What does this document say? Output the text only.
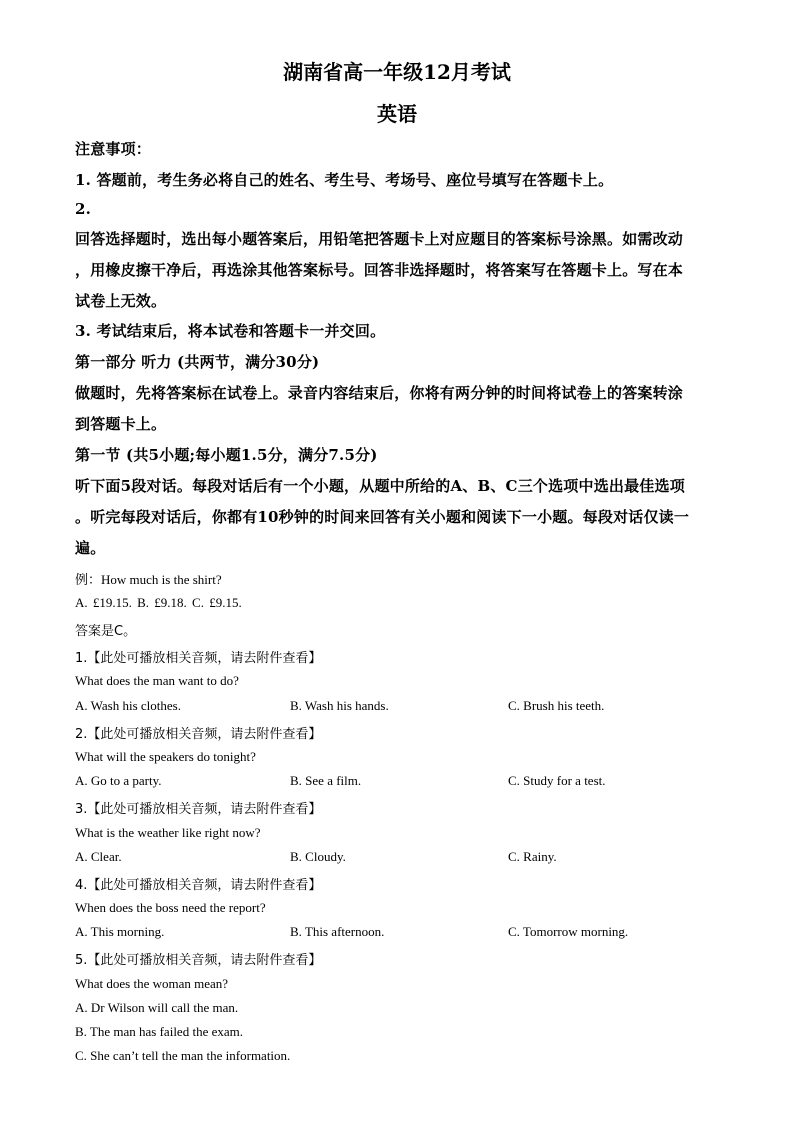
湖南省高一年级12月考试
英语
注意事项：
1. 答题前，考生务必将自己的姓名、考生号、考场号、座位号填写在答题卡上。
2.
回答选择题时，选出每小题答案后，用铅笔把答题卡上对应题目的答案标号涂黑。如需改动
，用橡皮擦干净后，再选涂其他答案标号。回答非选择题时，将答案写在答题卡上。写在本
试卷上无效。
3. 考试结束后，将本试卷和答题卡一并交回。
第一部分 听力 (共两节，满分30分)
做题时，先将答案标在试卷上。录音内容结束后，你将有两分钟的时间将试卷上的答案转涂
到答题卡上。
第一节 (共5小题;每小题1.5分，满分7.5分)
听下面5段对话。每段对话后有一个小题，从题中所给的A、B、C三个选项中选出最佳选项
。听完每段对话后，你都有10秒钟的时间来回答有关小题和阅读下一小题。每段对话仅读一
遍。
例：How much is the shirt?
A. £19.15. B. £9.18. C. £9.15.
答案是C。
1.【此处可播放相关音频，请去附件查看】
What does the man want to do?
A. Wash his clothes.	B. Wash his hands.	C. Brush his teeth.
2.【此处可播放相关音频，请去附件查看】
What will the speakers do tonight?
A. Go to a party.	B. See a film.	C. Study for a test.
3.【此处可播放相关音频，请去附件查看】
What is the weather like right now?
A. Clear.	B. Cloudy.	C. Rainy.
4.【此处可播放相关音频，请去附件查看】
When does the boss need the report?
A. This morning.	B. This afternoon.	C. Tomorrow morning.
5.【此处可播放相关音频，请去附件查看】
What does the woman mean?
A. Dr Wilson will call the man.
B. The man has failed the exam.
C. She can’t tell the man the information.
